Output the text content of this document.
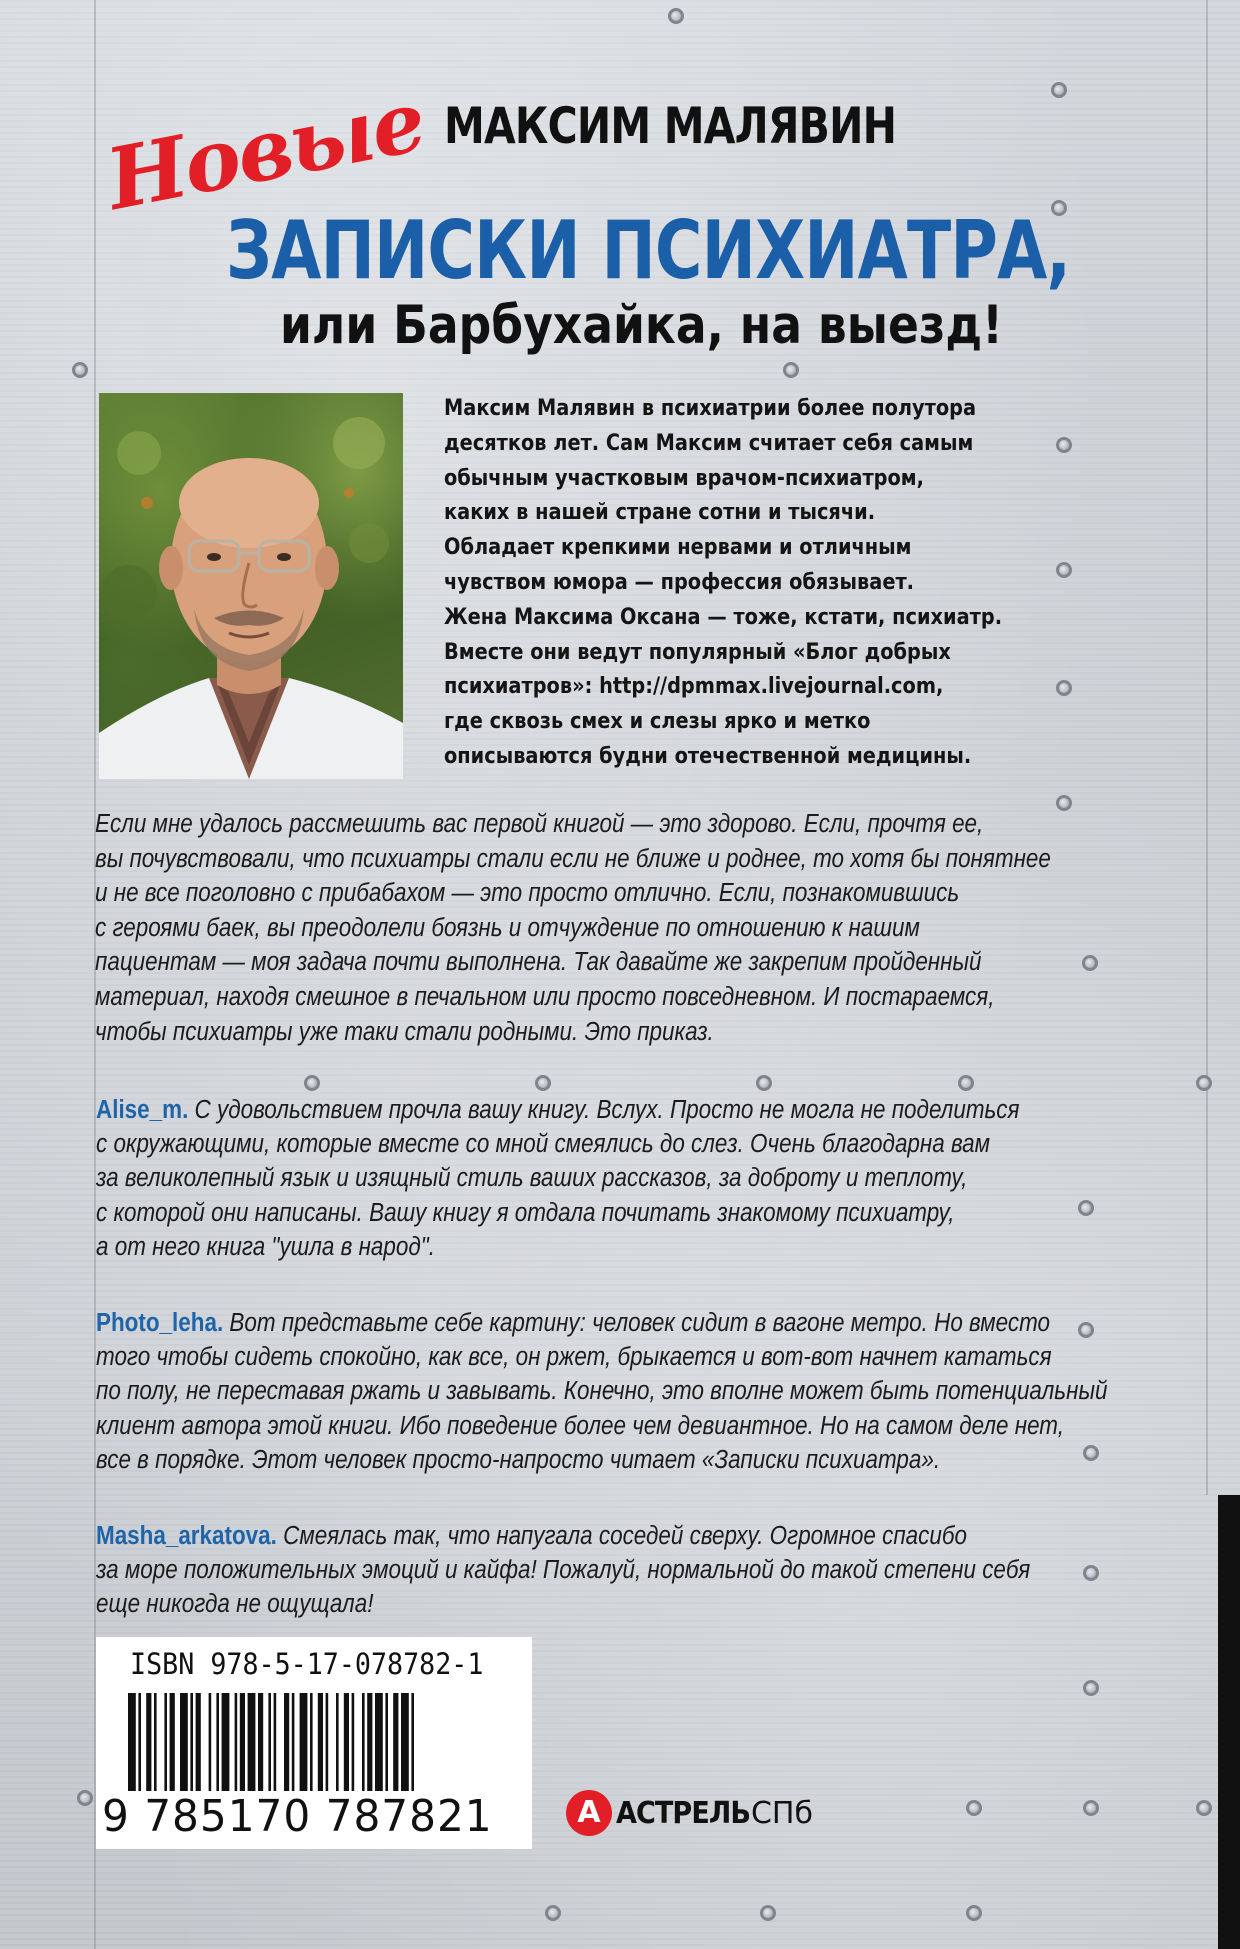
МАКСИМ МАЛЯВИН
Новые
ЗАПИСКИ ПСИХИАТРА,
или Барбухайка, на выезд!
Максим Малявин в психиатрии более полутора
десятков лет. Сам Максим считает себя самым
обычным участковым врачом-психиатром,
каких в нашей стране сотни и тысячи.
Обладает крепкими нервами и отличным
чувством юмора — профессия обязывает.
Жена Максима Оксана — тоже, кстати, психиатр.
Вместе они ведут популярный «Блог добрых
психиатров»: http://dpmmax.livejournal.com,
где сквозь смех и слезы ярко и метко
описываются будни отечественной медицины.
Если мне удалось рассмешить вас первой книгой — это здорово. Если, прочтя ее,
вы почувствовали, что психиатры стали если не ближе и роднее, то хотя бы понятнее
и не все поголовно с прибабахом — это просто отлично. Если, познакомившись
с героями баек, вы преодолели боязнь и отчуждение по отношению к нашим
пациентам — моя задача почти выполнена. Так давайте же закрепим пройденный
материал, находя смешное в печальном или просто повседневном. И постараемся,
чтобы психиатры уже таки стали родными. Это приказ.
Alise_m. С удовольствием прочла вашу книгу. Вслух. Просто не могла не поделиться
с окружающими, которые вместе со мной смеялись до слез. Очень благодарна вам
за великолепный язык и изящный стиль ваших рассказов, за доброту и теплоту,
с которой они написаны. Вашу книгу я отдала почитать знакомому психиатру,
а от него книга "ушла в народ".
Photo_leha. Вот представьте себе картину: человек сидит в вагоне метро. Но вместо
того чтобы сидеть спокойно, как все, он ржет, брыкается и вот-вот начнет кататься
по полу, не переставая ржать и завывать. Конечно, это вполне может быть потенциальный
клиент автора этой книги. Ибо поведение более чем девиантное. Но на самом деле нет,
все в порядке. Этот человек просто-напросто читает «Записки психиатра».
Masha_arkatova. Смеялась так, что напугала соседей сверху. Огромное спасибо
за море положительных эмоций и кайфа! Пожалуй, нормальной до такой степени себя
еще никогда не ощущала!
ISBN 978-5-17-078782-1
9 785170 787821	А АСТРЕЛЬ СПб
